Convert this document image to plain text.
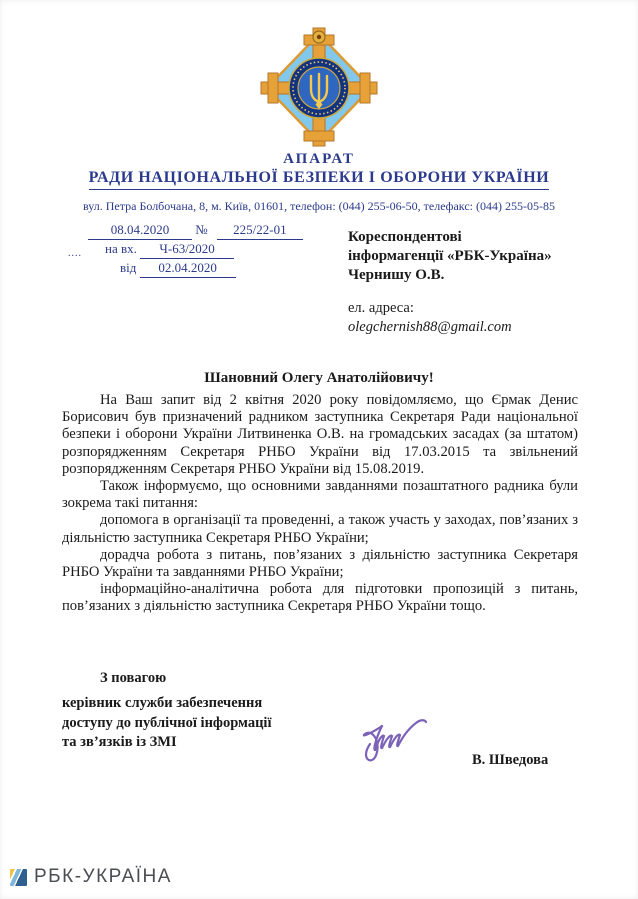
АПАРАТ
РАДИ НАЦІОНАЛЬНОЇ БЕЗПЕКИ І ОБОРОНИ УКРАЇНИ
вул. Петра Болбочана, 8, м. Київ, 01601, телефон: (044) 255-06-50, телефакс: (044) 255-05-85
....
08.04.2020 № 225/22-01
на вх. Ч-63/2020
від 02.04.2020
Кореспондентові
інформагенції «РБК-Україна»
Чернишу О.В.
ел. адреса:
olegchernish88@gmail.com
Шановний Олегу Анатолійовичу!

На Ваш запит від 2 квітня 2020 року повідомляємо, що Єрмак Денис Борисович був призначений радником заступника Секретаря Ради національної безпеки і оборони України Литвиненка О.В. на громадських засадах (за штатом) розпорядженням Секретаря РНБО України від 17.03.2015 та звільнений розпорядженням Секретаря РНБО України від 15.08.2019.

Також інформуємо, що основними завданнями позаштатного радника були зокрема такі питання:

допомога в організації та проведенні, а також участь у заходах, пов’язаних з діяльністю заступника Секретаря РНБО України;

дорадча робота з питань, пов’язаних з діяльністю заступника Секретаря РНБО України та завданнями РНБО України;

інформаційно-аналітична робота для підготовки пропозицій з питань, пов’язаних з діяльністю заступника Секретаря РНБО України тощо.

З повагою
керівник служби забезпечення
доступу до публічної інформації
та зв’язків із ЗМІ
В. Шведова
РБК-УКРАЇНА
